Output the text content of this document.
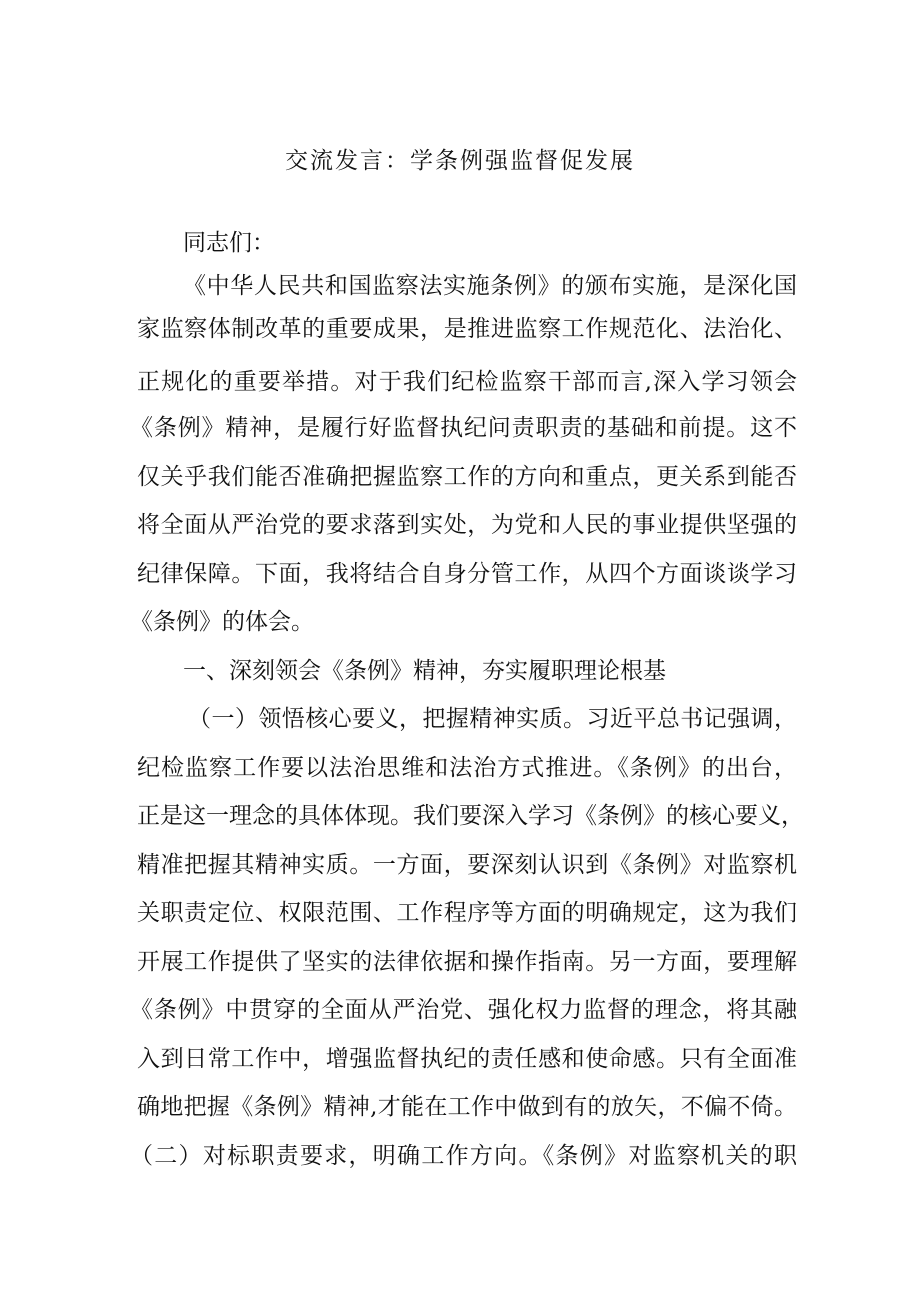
交流发言：学条例强监督促发展
同志们：
《中华人民共和国监察法实施条例》的颁布实施，是深化国
家监察体制改革的重要成果，是推进监察工作规范化、法治化、
正规化的重要举措。对于我们纪检监察干部而言,深入学习领会
《条例》精神，是履行好监督执纪问责职责的基础和前提。这不
仅关乎我们能否准确把握监察工作的方向和重点，更关系到能否
将全面从严治党的要求落到实处，为党和人民的事业提供坚强的
纪律保障。下面，我将结合自身分管工作，从四个方面谈谈学习
《条例》的体会。
一、深刻领会《条例》精神，夯实履职理论根基
（一）领悟核心要义，把握精神实质。习近平总书记强调，
纪检监察工作要以法治思维和法治方式推进。《条例》的出台，
正是这一理念的具体体现。我们要深入学习《条例》的核心要义，
精准把握其精神实质。一方面，要深刻认识到《条例》对监察机
关职责定位、权限范围、工作程序等方面的明确规定，这为我们
开展工作提供了坚实的法律依据和操作指南。另一方面，要理解
《条例》中贯穿的全面从严治党、强化权力监督的理念，将其融
入到日常工作中，增强监督执纪的责任感和使命感。只有全面准
确地把握《条例》精神,才能在工作中做到有的放矢，不偏不倚。
（二）对标职责要求，明确工作方向。《条例》对监察机关的职
